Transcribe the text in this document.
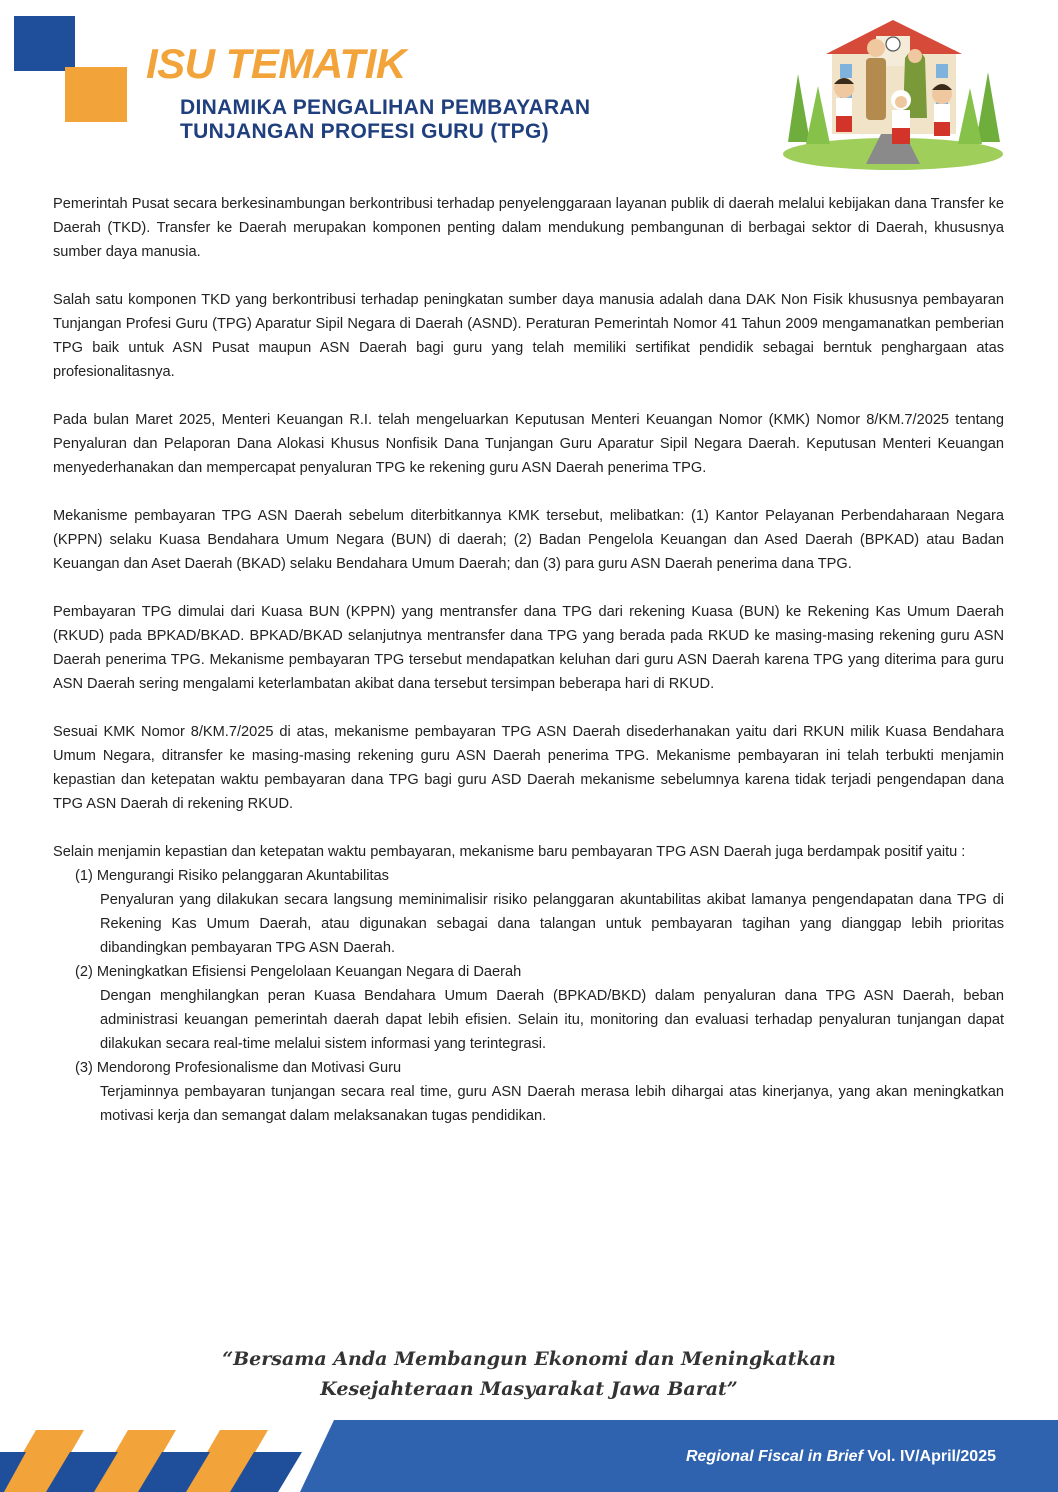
ISU TEMATIK
DINAMIKA PENGALIHAN PEMBAYARAN
TUNJANGAN PROFESI GURU (TPG)

Pemerintah Pusat secara berkesinambungan berkontribusi terhadap penyelenggaraan layanan publik di daerah melalui kebijakan dana Transfer ke Daerah (TKD). Transfer ke Daerah merupakan komponen penting dalam mendukung pembangunan di berbagai sektor di Daerah, khususnya sumber daya manusia.

Salah satu komponen TKD yang berkontribusi terhadap peningkatan sumber daya manusia adalah dana DAK Non Fisik khususnya pembayaran Tunjangan Profesi Guru (TPG) Aparatur Sipil Negara di Daerah (ASND). Peraturan Pemerintah Nomor 41 Tahun 2009 mengamanatkan pemberian TPG baik untuk ASN Pusat maupun ASN Daerah bagi guru yang telah memiliki sertifikat pendidik sebagai berntuk penghargaan atas profesionalitasnya.

Pada bulan Maret 2025, Menteri Keuangan R.I. telah mengeluarkan Keputusan Menteri Keuangan Nomor (KMK) Nomor 8/KM.7/2025 tentang Penyaluran dan Pelaporan Dana Alokasi Khusus Nonfisik Dana Tunjangan Guru Aparatur Sipil Negara Daerah. Keputusan Menteri Keuangan menyederhanakan dan mempercapat penyaluran TPG ke rekening guru ASN Daerah penerima TPG.

Mekanisme pembayaran TPG ASN Daerah sebelum diterbitkannya KMK tersebut, melibatkan: (1) Kantor Pelayanan Perbendaharaan Negara (KPPN) selaku Kuasa Bendahara Umum Negara (BUN) di daerah; (2) Badan Pengelola Keuangan dan Ased Daerah (BPKAD) atau Badan Keuangan dan Aset Daerah (BKAD) selaku Bendahara Umum Daerah; dan (3) para guru ASN Daerah penerima dana TPG.

Pembayaran TPG dimulai dari Kuasa BUN (KPPN) yang mentransfer dana TPG dari rekening Kuasa (BUN) ke Rekening Kas Umum Daerah (RKUD) pada BPKAD/BKAD. BPKAD/BKAD selanjutnya mentransfer dana TPG yang berada pada RKUD ke masing-masing rekening guru ASN Daerah penerima TPG. Mekanisme pembayaran TPG tersebut mendapatkan keluhan dari guru ASN Daerah karena TPG yang diterima para guru ASN Daerah sering mengalami keterlambatan akibat dana tersebut tersimpan beberapa hari di RKUD.

Sesuai KMK Nomor 8/KM.7/2025 di atas, mekanisme pembayaran TPG ASN Daerah disederhanakan yaitu dari RKUN milik Kuasa Bendahara Umum Negara, ditransfer ke masing-masing rekening guru ASN Daerah penerima TPG. Mekanisme pembayaran ini telah terbukti menjamin kepastian dan ketepatan waktu pembayaran dana TPG bagi guru ASD Daerah mekanisme sebelumnya karena tidak terjadi pengendapan dana TPG ASN Daerah di rekening RKUD.

Selain menjamin kepastian dan ketepatan waktu pembayaran, mekanisme baru pembayaran TPG ASN Daerah juga berdampak positif yaitu :

(1) Mengurangi Risiko pelanggaran Akuntabilitas

Penyaluran yang dilakukan secara langsung meminimalisir risiko pelanggaran akuntabilitas akibat lamanya pengendapatan dana TPG di Rekening Kas Umum Daerah, atau digunakan sebagai dana talangan untuk pembayaran tagihan yang dianggap lebih prioritas dibandingkan pembayaran TPG ASN Daerah.

(2) Meningkatkan Efisiensi Pengelolaan Keuangan Negara di Daerah

Dengan menghilangkan peran Kuasa Bendahara Umum Daerah (BPKAD/BKD) dalam penyaluran dana TPG ASN Daerah, beban administrasi keuangan pemerintah daerah dapat lebih efisien. Selain itu, monitoring dan evaluasi terhadap penyaluran tunjangan dapat dilakukan secara real-time melalui sistem informasi yang terintegrasi.

(3) Mendorong Profesionalisme dan Motivasi Guru

Terjaminnya pembayaran tunjangan secara real time, guru ASN Daerah merasa lebih dihargai atas kinerjanya, yang akan meningkatkan motivasi kerja dan semangat dalam melaksanakan tugas pendidikan.

“Bersama Anda Membangun Ekonomi dan Meningkatkan
Kesejahteraan Masyarakat Jawa Barat”
Regional Fiscal in Brief Vol. IV/April/2025
